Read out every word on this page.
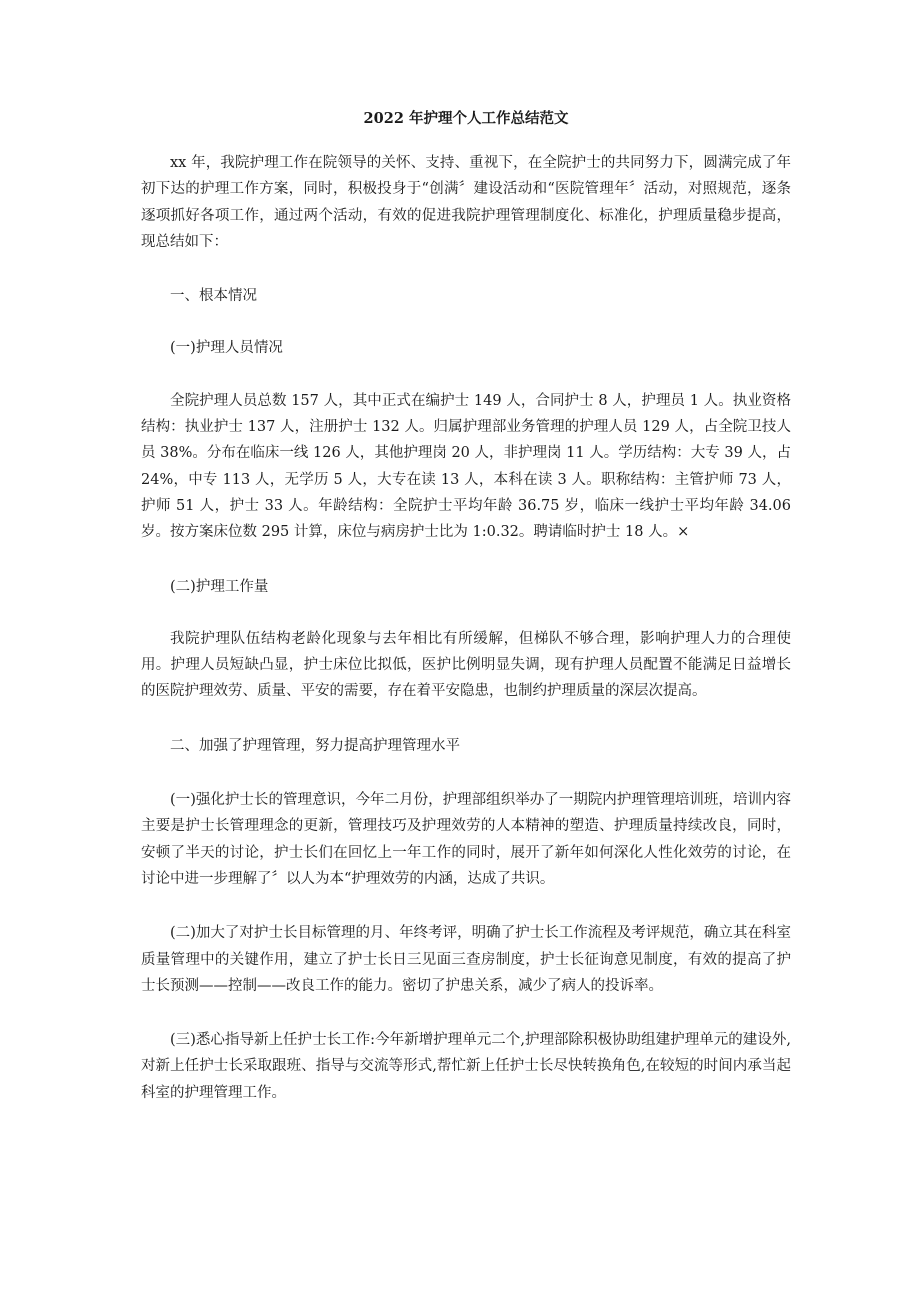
2022 年护理个人工作总结范文

xx 年，我院护理工作在院领导的关怀、支持、重视下，在全院护士的共同努力下，圆满完成了年初下达的护理工作方案，同时，积极投身于“创满〞建设活动和“医院管理年〞活动，对照规范，逐条逐项抓好各项工作，通过两个活动，有效的促进我院护理管理制度化、标准化，护理质量稳步提高，现总结如下：

一、根本情况

(一)护理人员情况

全院护理人员总数 157 人，其中正式在编护士 149 人，合同护士 8 人，护理员 1 人。执业资格结构：执业护士 137 人，注册护士 132 人。归属护理部业务管理的护理人员 129 人，占全院卫技人员 38%。分布在临床一线 126 人，其他护理岗 20 人，非护理岗 11 人。学历结构：大专 39 人，占 24%，中专 113 人，无学历 5 人，大专在读 13 人，本科在读 3 人。职称结构：主管护师 73 人，护师 51 人，护士 33 人。年龄结构：全院护士平均年龄 36.75 岁，临床一线护士平均年龄 34.06 岁。按方案床位数 295 计算，床位与病房护士比为 1:0.32。聘请临时护士 18 人。×

(二)护理工作量

我院护理队伍结构老龄化现象与去年相比有所缓解，但梯队不够合理，影响护理人力的合理使用。护理人员短缺凸显，护士床位比拟低，医护比例明显失调，现有护理人员配置不能满足日益增长的医院护理效劳、质量、平安的需要，存在着平安隐患，也制约护理质量的深层次提高。

二、加强了护理管理，努力提高护理管理水平

(一)强化护士长的管理意识，今年二月份，护理部组织举办了一期院内护理管理培训班，培训内容主要是护士长管理理念的更新，管理技巧及护理效劳的人本精神的塑造、护理质量持续改良，同时，安顿了半天的讨论，护士长们在回忆上一年工作的同时，展开了新年如何深化人性化效劳的讨论，在讨论中进一步理解了〞以人为本“护理效劳的内涵，达成了共识。

(二)加大了对护士长目标管理的月、年终考评，明确了护士长工作流程及考评规范，确立其在科室质量管理中的关键作用，建立了护士长日三见面三查房制度，护士长征询意见制度，有效的提高了护士长预测——控制——改良工作的能力。密切了护患关系，减少了病人的投诉率。

(三)悉心指导新上任护士长工作:今年新增护理单元二个,护理部除积极协助组建护理单元的建设外,对新上任护士长采取跟班、指导与交流等形式,帮忙新上任护士长尽快转换角色,在较短的时间内承当起科室的护理管理工作。
